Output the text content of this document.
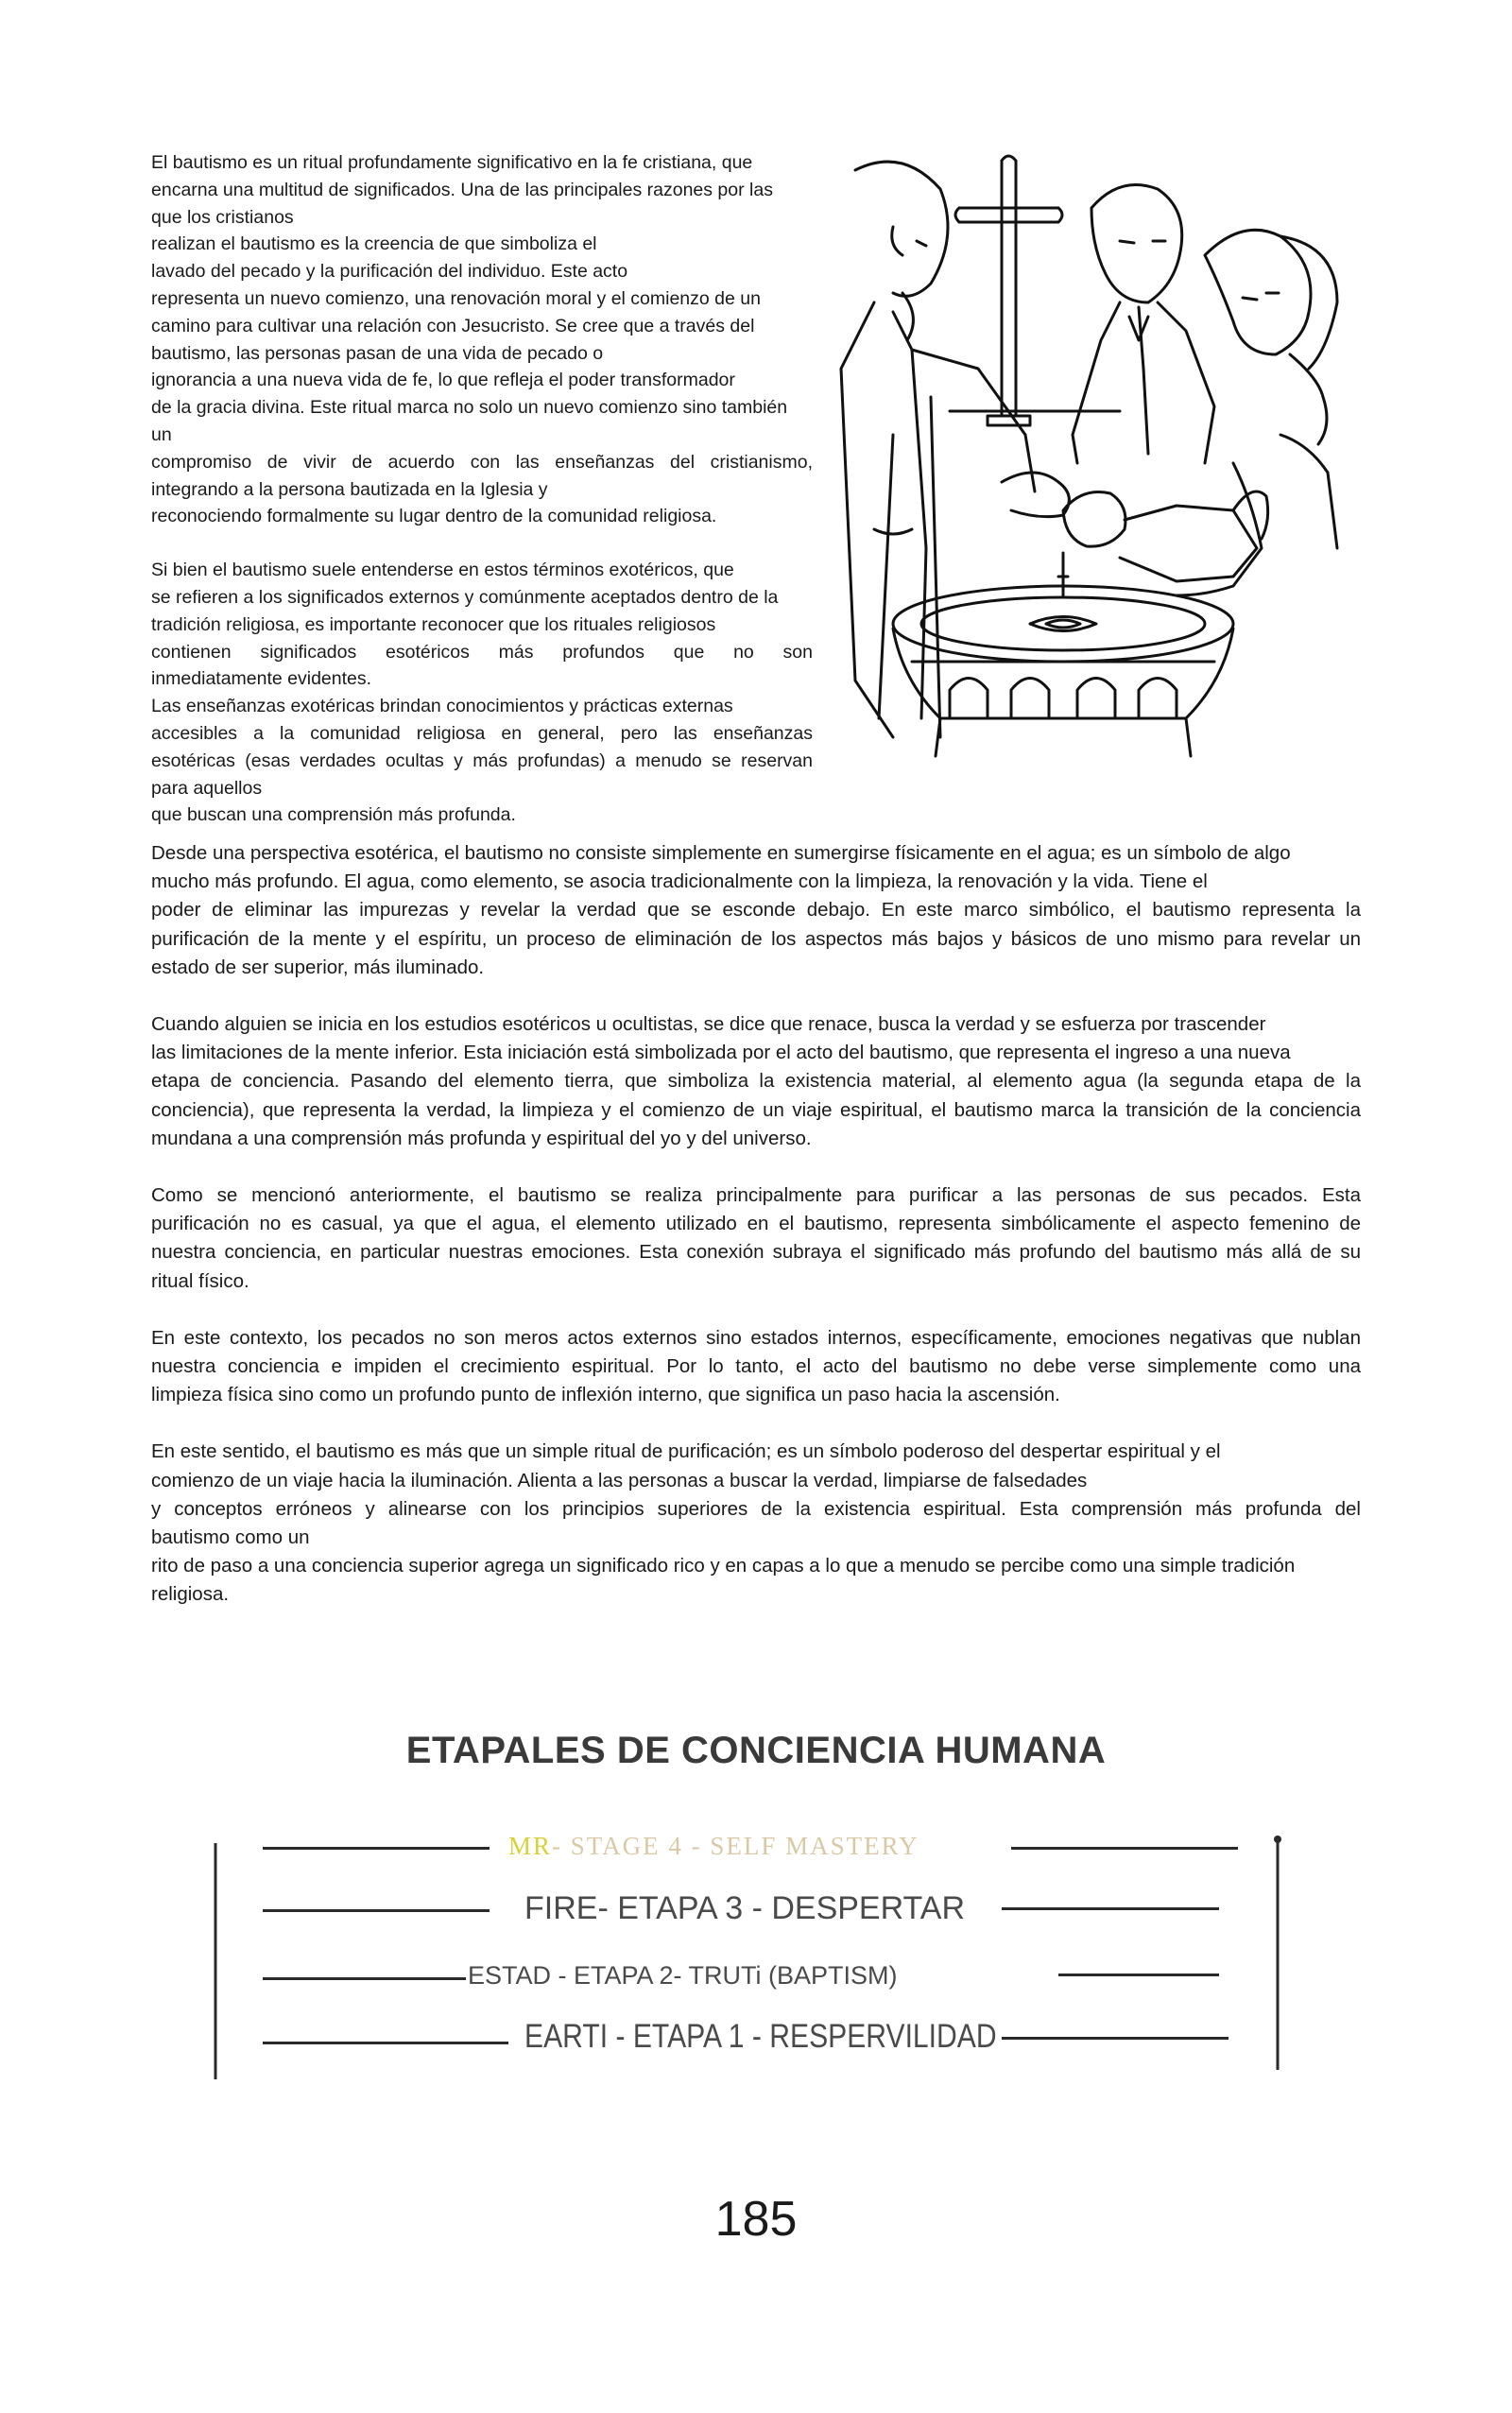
El bautismo es un ritual profundamente significativo en la fe cristiana, que
encarna una multitud de significados. Una de las principales razones por las
que los cristianos
realizan el bautismo es la creencia de que simboliza el
lavado del pecado y la purificación del individuo. Este acto
representa un nuevo comienzo, una renovación moral y el comienzo de un
camino para cultivar una relación con Jesucristo. Se cree que a través del
bautismo, las personas pasan de una vida de pecado o
ignorancia a una nueva vida de fe, lo que refleja el poder transformador
de la gracia divina. Este ritual marca no solo un nuevo comienzo sino también
un
compromiso de vivir de acuerdo con las enseñanzas del cristianismo,
integrando a la persona bautizada en la Iglesia y
reconociendo formalmente su lugar dentro de la comunidad religiosa.
Si bien el bautismo suele entenderse en estos términos exotéricos, que
se refieren a los significados externos y comúnmente aceptados dentro de la
tradición religiosa, es importante reconocer que los rituales religiosos
contienen significados esotéricos más profundos que no son
inmediatamente evidentes.
Las enseñanzas exotéricas brindan conocimientos y prácticas externas
accesibles a la comunidad religiosa en general, pero las enseñanzas
esotéricas (esas verdades ocultas y más profundas) a menudo se reservan
para aquellos
que buscan una comprensión más profunda.
Desde una perspectiva esotérica, el bautismo no consiste simplemente en sumergirse físicamente en el agua; es un símbolo de algo
mucho más profundo. El agua, como elemento, se asocia tradicionalmente con la limpieza, la renovación y la vida. Tiene el
poder de eliminar las impurezas y revelar la verdad que se esconde debajo. En este marco simbólico, el bautismo representa la
purificación de la mente y el espíritu, un proceso de eliminación de los aspectos más bajos y básicos de uno mismo para revelar un
estado de ser superior, más iluminado.
Cuando alguien se inicia en los estudios esotéricos u ocultistas, se dice que renace, busca la verdad y se esfuerza por trascender
las limitaciones de la mente inferior. Esta iniciación está simbolizada por el acto del bautismo, que representa el ingreso a una nueva
etapa de conciencia. Pasando del elemento tierra, que simboliza la existencia material, al elemento agua (la segunda etapa de la
conciencia), que representa la verdad, la limpieza y el comienzo de un viaje espiritual, el bautismo marca la transición de la conciencia
mundana a una comprensión más profunda y espiritual del yo y del universo.
Como se mencionó anteriormente, el bautismo se realiza principalmente para purificar a las personas de sus pecados. Esta
purificación no es casual, ya que el agua, el elemento utilizado en el bautismo, representa simbólicamente el aspecto femenino de
nuestra conciencia, en particular nuestras emociones. Esta conexión subraya el significado más profundo del bautismo más allá de su
ritual físico.
En este contexto, los pecados no son meros actos externos sino estados internos, específicamente, emociones negativas que nublan
nuestra conciencia e impiden el crecimiento espiritual. Por lo tanto, el acto del bautismo no debe verse simplemente como una
limpieza física sino como un profundo punto de inflexión interno, que significa un paso hacia la ascensión.
En este sentido, el bautismo es más que un simple ritual de purificación; es un símbolo poderoso del despertar espiritual y el
comienzo de un viaje hacia la iluminación. Alienta a las personas a buscar la verdad, limpiarse de falsedades
y conceptos erróneos y alinearse con los principios superiores de la existencia espiritual. Esta comprensión más profunda del
bautismo como un
rito de paso a una conciencia superior agrega un significado rico y en capas a lo que a menudo se percibe como una simple tradición
religiosa.
ETAPALES DE CONCIENCIA HUMANA
MR- STAGE 4 - SELF MASTERY
FIRE- ETAPA 3 - DESPERTAR
ESTAD - ETAPA 2- TRUTi (BAPTISM)
EARTI - ETAPA 1 - RESPERVILIDAD
185
